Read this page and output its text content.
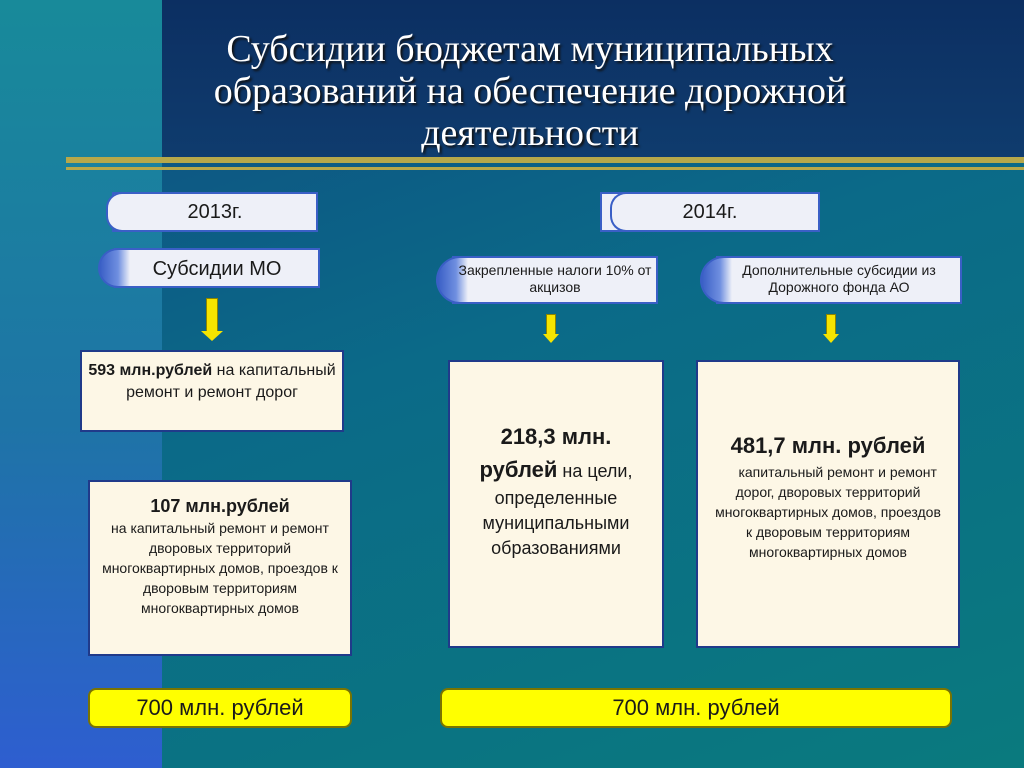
Субсидии бюджетам муниципальных образований на обеспечение дорожной деятельности
2013г.
Субсидии МО
593 млн.рублей на капитальный ремонт и ремонт дорог
107 млн.рублей
на капитальный ремонт и ремонт дворовых территорий многоквартирных домов, проездов к дворовым территориям многоквартирных домов
700 млн. рублей
2014г.
Закрепленные налоги 10% от акцизов
Дополнительные субсидии из Дорожного фонда АО
218,3 млн. рублей на цели, определенные муниципальными образованиями
481,7 млн. рублей
на капитальный ремонт и ремонт дорог, дворовых территорий многоквартирных домов, проездов к дворовым территориям многоквартирных домов
700 млн. рублей
